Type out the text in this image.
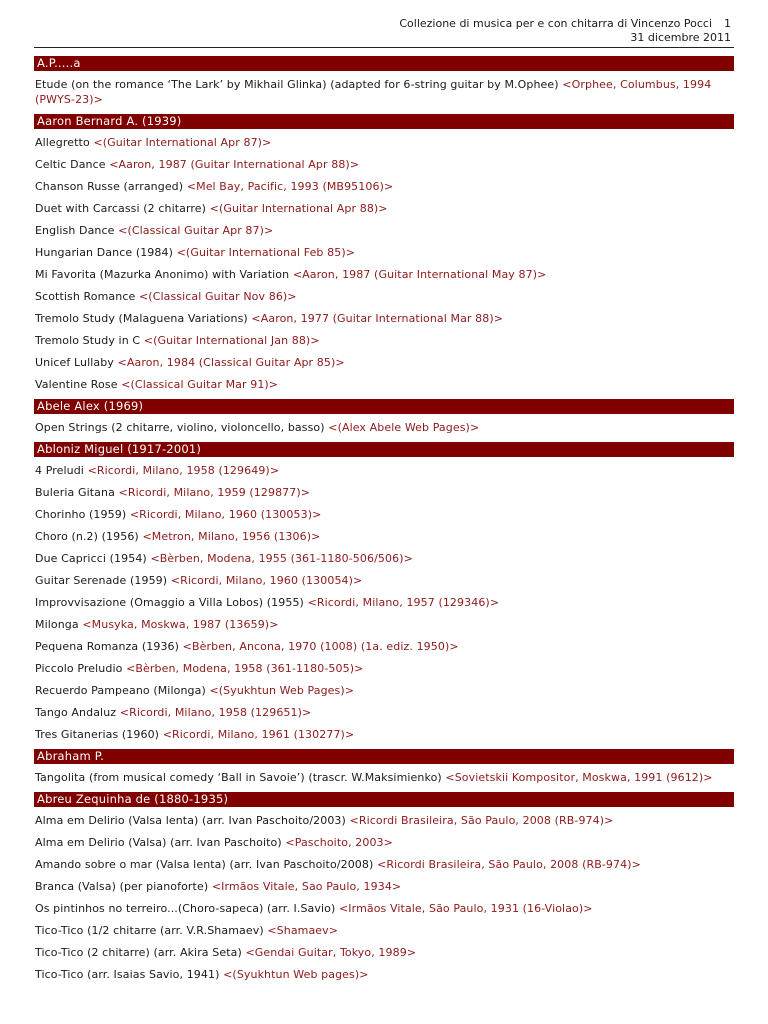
Collezione di musica per e con chitarra di Vincenzo Pocci 1
31 dicembre 2011
A.P.....a
Etude (on the romance ‘The Lark’ by Mikhail Glinka) (adapted for 6-string guitar by M.Ophee) <Orphee, Columbus, 1994 (PWYS-23)>
Aaron Bernard A. (1939)
Allegretto <(Guitar International Apr 87)>
Celtic Dance <Aaron, 1987 (Guitar International Apr 88)>
Chanson Russe (arranged) <Mel Bay, Pacific, 1993 (MB95106)>
Duet with Carcassi (2 chitarre) <(Guitar International Apr 88)>
English Dance <(Classical Guitar Apr 87)>
Hungarian Dance (1984) <(Guitar International Feb 85)>
Mi Favorita (Mazurka Anonimo) with Variation <Aaron, 1987 (Guitar International May 87)>
Scottish Romance <(Classical Guitar Nov 86)>
Tremolo Study (Malaguena Variations) <Aaron, 1977 (Guitar International Mar 88)>
Tremolo Study in C <(Guitar International Jan 88)>
Unicef Lullaby <Aaron, 1984 (Classical Guitar Apr 85)>
Valentine Rose <(Classical Guitar Mar 91)>
Abele Alex (1969)
Open Strings (2 chitarre, violino, violoncello, basso) <(Alex Abele Web Pages)>
Abloniz Miguel (1917-2001)
4 Preludi <Ricordi, Milano, 1958 (129649)>
Buleria Gitana <Ricordi, Milano, 1959 (129877)>
Chorinho (1959) <Ricordi, Milano, 1960 (130053)>
Choro (n.2) (1956) <Metron, Milano, 1956 (1306)>
Due Capricci (1954) <Bèrben, Modena, 1955 (361-1180-506/506)>
Guitar Serenade (1959) <Ricordi, Milano, 1960 (130054)>
Improvvisazione (Omaggio a Villa Lobos) (1955) <Ricordi, Milano, 1957 (129346)>
Milonga <Musyka, Moskwa, 1987 (13659)>
Pequena Romanza (1936) <Bèrben, Ancona, 1970 (1008) (1a. ediz. 1950)>
Piccolo Preludio <Bèrben, Modena, 1958 (361-1180-505)>
Recuerdo Pampeano (Milonga) <(Syukhtun Web Pages)>
Tango Andaluz <Ricordi, Milano, 1958 (129651)>
Tres Gitanerias (1960) <Ricordi, Milano, 1961 (130277)>
Abraham P.
Tangolita (from musical comedy ‘Ball in Savoie’) (trascr. W.Maksimienko) <Sovietskii Kompositor, Moskwa, 1991 (9612)>
Abreu Zequinha de (1880-1935)
Alma em Delirio (Valsa lenta) (arr. Ivan Paschoito/2003) <Ricordi Brasileira, São Paulo, 2008 (RB-974)>
Alma em Delirio (Valsa) (arr. Ivan Paschoito) <Paschoito, 2003>
Amando sobre o mar (Valsa lenta) (arr. Ivan Paschoito/2008) <Ricordi Brasileira, São Paulo, 2008 (RB-974)>
Branca (Valsa) (per pianoforte) <Irmãos Vitale, Sao Paulo, 1934>
Os pintinhos no terreiro...(Choro-sapeca) (arr. I.Savio) <Irmãos Vitale, São Paulo, 1931 (16-Violao)>
Tico-Tico (1/2 chitarre (arr. V.R.Shamaev) <Shamaev>
Tico-Tico (2 chitarre) (arr. Akira Seta) <Gendai Guitar, Tokyo, 1989>
Tico-Tico (arr. Isaias Savio, 1941) <(Syukhtun Web pages)>
